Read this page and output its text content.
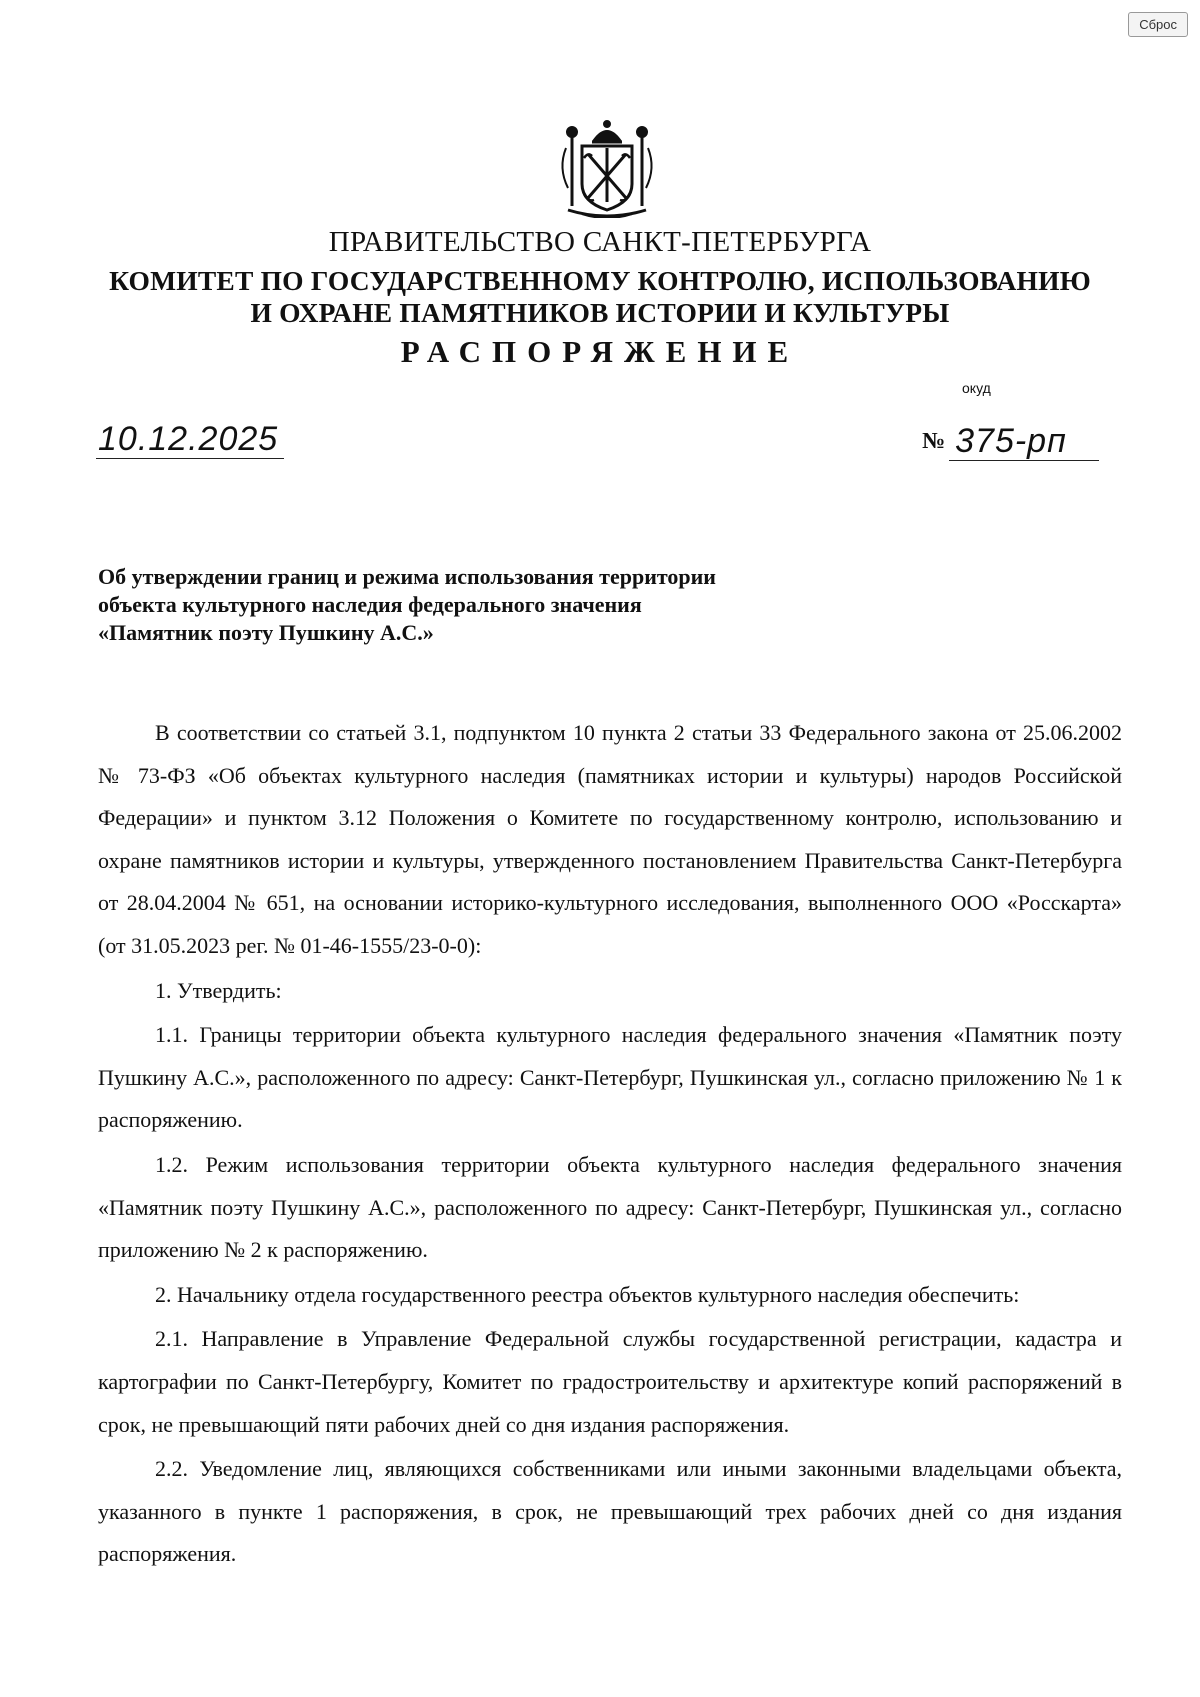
ПРАВИТЕЛЬСТВО САНКТ-ПЕТЕРБУРГА
КОМИТЕТ ПО ГОСУДАРСТВЕННОМУ КОНТРОЛЮ, ИСПОЛЬЗОВАНИЮ
И ОХРАНЕ ПАМЯТНИКОВ ИСТОРИИ И КУЛЬТУРЫ
РАСПОРЯЖЕНИЕ
окуд
10.12.2025	№ 375-рп
Об утверждении границ и режима использования территории
объекта культурного наследия федерального значения
«Памятник поэту Пушкину А.С.»

В соответствии со статьей 3.1, подпунктом 10 пункта 2 статьи 33 Федерального закона от 25.06.2002 № 73-ФЗ «Об объектах культурного наследия (памятниках истории и культуры) народов Российской Федерации» и пунктом 3.12 Положения о Комитете по государственному контролю, использованию и охране памятников истории и культуры, утвержденного постановлением Правительства Санкт-Петербурга от 28.04.2004 № 651, на основании историко-культурного исследования, выполненного ООО «Росскарта» (от 31.05.2023 рег. № 01-46-1555/23-0-0):

1. Утвердить:

1.1. Границы территории объекта культурного наследия федерального значения «Памятник поэту Пушкину А.С.», расположенного по адресу: Санкт-Петербург, Пушкинская ул., согласно приложению № 1 к распоряжению.

1.2. Режим использования территории объекта культурного наследия федерального значения «Памятник поэту Пушкину А.С.», расположенного по адресу: Санкт-Петербург, Пушкинская ул., согласно приложению № 2 к распоряжению.

2. Начальнику отдела государственного реестра объектов культурного наследия обеспечить:

2.1. Направление в Управление Федеральной службы государственной регистрации, кадастра и картографии по Санкт-Петербургу, Комитет по градостроительству и архитектуре копий распоряжений в срок, не превышающий пяти рабочих дней со дня издания распоряжения.

2.2. Уведомление лиц, являющихся собственниками или иными законными владельцами объекта, указанного в пункте 1 распоряжения, в срок, не превышающий трех рабочих дней со дня издания распоряжения.

Сброс
